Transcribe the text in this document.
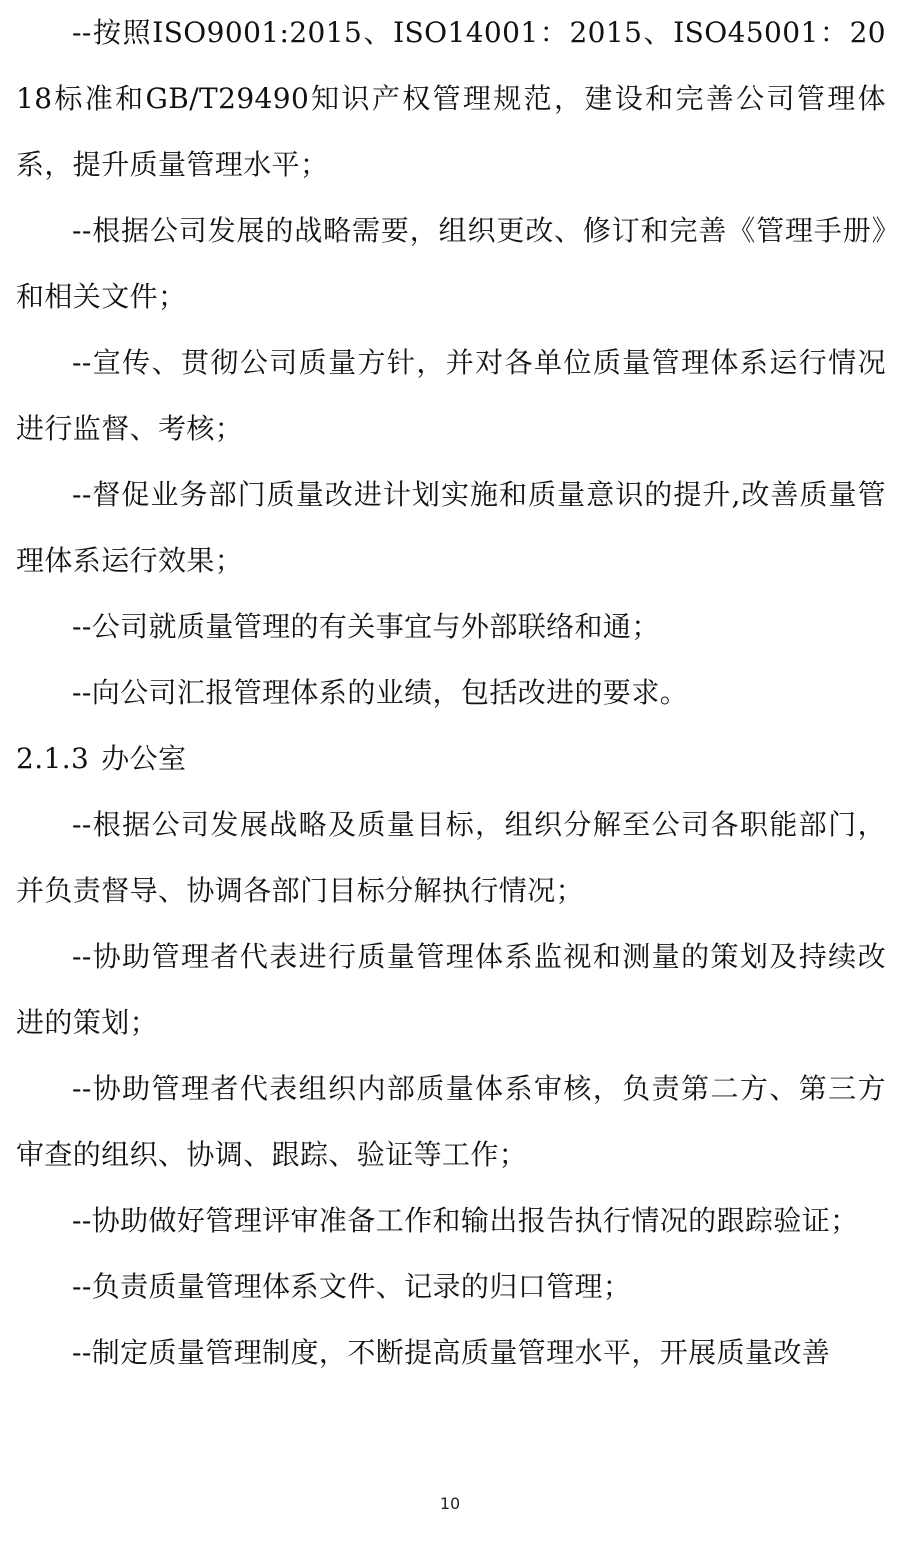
--按照ISO9001:2015、ISO14001：2015、ISO45001：2018标准和GB/T29490知识产权管理规范，建设和完善公司管理体系，提升质量管理水平；

--根据公司发展的战略需要，组织更改、修订和完善《管理手册》和相关文件；

--宣传、贯彻公司质量方针，并对各单位质量管理体系运行情况进行监督、考核；

--督促业务部门质量改进计划实施和质量意识的提升,改善质量管理体系运行效果；

--公司就质量管理的有关事宜与外部联络和通；

--向公司汇报管理体系的业绩，包括改进的要求。

2.1.3 办公室

--根据公司发展战略及质量目标，组织分解至公司各职能部门，并负责督导、协调各部门目标分解执行情况；

--协助管理者代表进行质量管理体系监视和测量的策划及持续改进的策划；

--协助管理者代表组织内部质量体系审核，负责第二方、第三方审查的组织、协调、跟踪、验证等工作；

--协助做好管理评审准备工作和输出报告执行情况的跟踪验证；

--负责质量管理体系文件、记录的归口管理；

--制定质量管理制度，不断提高质量管理水平，开展质量改善

10
